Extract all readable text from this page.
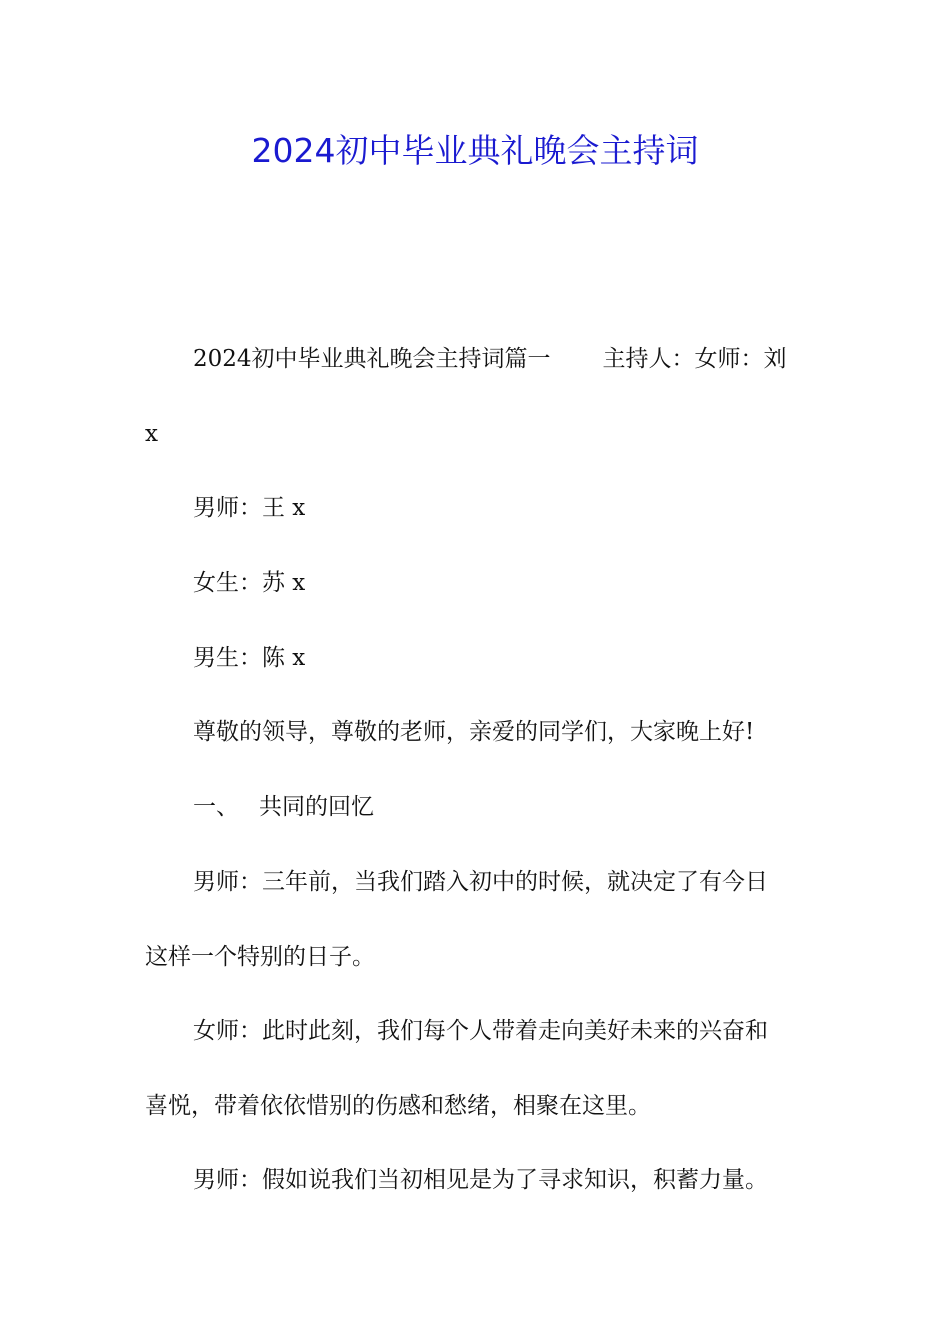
2024初中毕业典礼晚会主持词
2024初中毕业典礼晚会主持词篇一 主持人：女师：刘
x
男师：王 x
女生：苏 x
男生：陈 x
尊敬的领导，尊敬的老师，亲爱的同学们，大家晚上好!
一、 共同的回忆
男师：三年前，当我们踏入初中的时候，就决定了有今日
这样一个特别的日子。
女师：此时此刻，我们每个人带着走向美好未来的兴奋和
喜悦，带着依依惜别的伤感和愁绪，相聚在这里。
男师：假如说我们当初相见是为了寻求知识，积蓄力量。
